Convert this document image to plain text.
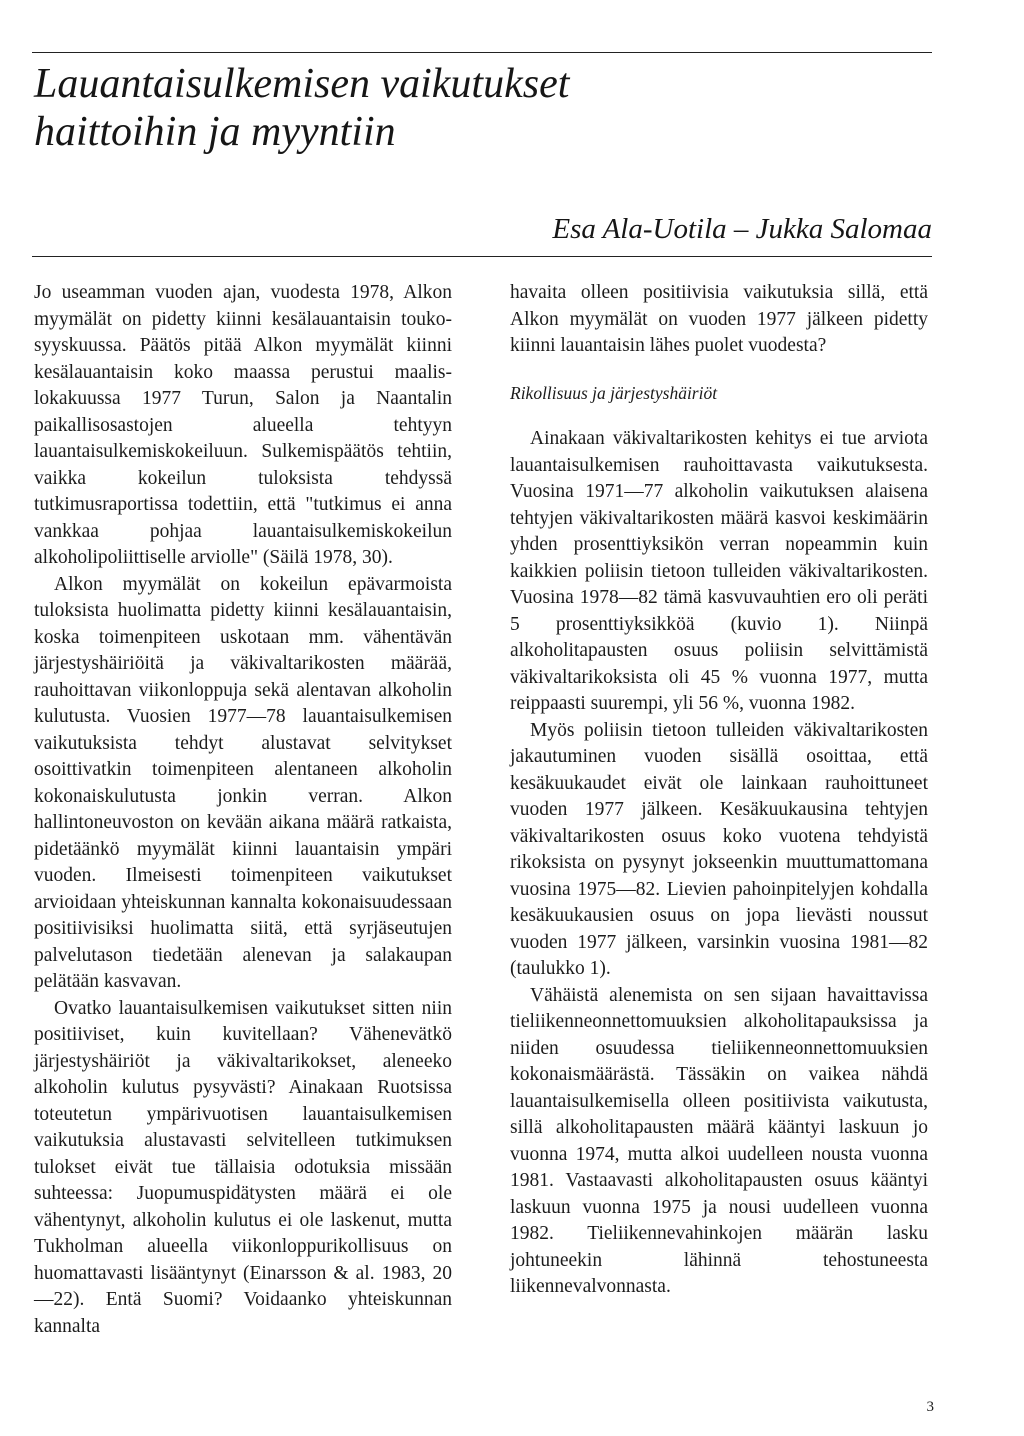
Lauantaisulkemisen vaikutukset
haittoihin ja myyntiin
Esa Ala-Uotila – Jukka Salomaa

Jo useamman vuoden ajan, vuodesta 1978, Alkon myymälät on pidetty kiinni kesälauantaisin touko-syyskuussa. Päätös pitää Alkon myymälät kiinni kesälauantaisin koko maassa perustui maalis-lokakuussa 1977 Turun, Salon ja Naantalin paikallisosastojen alueella tehtyyn lauantaisulkemiskokeiluun. Sulkemispäätös tehtiin, vaikka kokeilun tuloksista tehdyssä tutkimusraportissa todettiin, että "tutkimus ei anna vankkaa pohjaa lauantaisulkemiskokeilun alkoholipoliittiselle arviolle" (Säilä 1978, 30).

Alkon myymälät on kokeilun epävarmoista tuloksista huolimatta pidetty kiinni kesälauantaisin, koska toimenpiteen uskotaan mm. vähentävän järjestyshäiriöitä ja väkivaltarikosten määrää, rauhoittavan viikonloppuja sekä alentavan alkoholin kulutusta. Vuosien 1977—78 lauantaisulkemisen vaikutuksista tehdyt alustavat selvitykset osoittivatkin toimenpiteen alentaneen alkoholin kokonaiskulutusta jonkin verran. Alkon hallintoneuvoston on kevään aikana määrä ratkaista, pidetäänkö myymälät kiinni lauantaisin ympäri vuoden. Ilmeisesti toimenpiteen vaikutukset arvioidaan yhteiskunnan kannalta kokonaisuudessaan positiivisiksi huolimatta siitä, että syrjäseutujen palvelutason tiedetään alenevan ja salakaupan pelätään kasvavan.

Ovatko lauantaisulkemisen vaikutukset sitten niin positiiviset, kuin kuvitellaan? Vähenevätkö järjestyshäiriöt ja väkivaltarikokset, aleneeko alkoholin kulutus pysyvästi? Ainakaan Ruotsissa toteutetun ympärivuotisen lauantaisulkemisen vaikutuksia alustavasti selvitelleen tutkimuksen tulokset eivät tue tällaisia odotuksia missään suhteessa: Juopumuspidätysten määrä ei ole vähentynyt, alkoholin kulutus ei ole laskenut, mutta Tukholman alueella viikonloppurikollisuus on huomattavasti lisääntynyt (Einarsson & al. 1983, 20—22). Entä Suomi? Voidaanko yhteiskunnan kannalta

havaita olleen positiivisia vaikutuksia sillä, että Alkon myymälät on vuoden 1977 jälkeen pidetty kiinni lauantaisin lähes puolet vuodesta?

Rikollisuus ja järjestyshäiriöt

Ainakaan väkivaltarikosten kehitys ei tue arviota lauantaisulkemisen rauhoittavasta vaikutuksesta. Vuosina 1971—77 alkoholin vaikutuksen alaisena tehtyjen väkivaltarikosten määrä kasvoi keskimäärin yhden prosenttiyksikön verran nopeammin kuin kaikkien poliisin tietoon tulleiden väkivaltarikosten. Vuosina 1978—82 tämä kasvuvauhtien ero oli peräti 5 prosenttiyksikköä (kuvio 1). Niinpä alkoholitapausten osuus poliisin selvittämistä väkivaltarikoksista oli 45 % vuonna 1977, mutta reippaasti suurempi, yli 56 %, vuonna 1982.

Myös poliisin tietoon tulleiden väkivaltarikosten jakautuminen vuoden sisällä osoittaa, että kesäkuukaudet eivät ole lainkaan rauhoittuneet vuoden 1977 jälkeen. Kesäkuukausina tehtyjen väkivaltarikosten osuus koko vuotena tehdyistä rikoksista on pysynyt jokseenkin muuttumattomana vuosina 1975—82. Lievien pahoinpitelyjen kohdalla kesäkuukausien osuus on jopa lievästi noussut vuoden 1977 jälkeen, varsinkin vuosina 1981—82 (taulukko 1).

Vähäistä alenemista on sen sijaan havaittavissa tieliikenneonnettomuuksien alkoholitapauksissa ja niiden osuudessa tieliikenneonnettomuuksien kokonaismäärästä. Tässäkin on vaikea nähdä lauantaisulkemisella olleen positiivista vaikutusta, sillä alkoholitapausten määrä kääntyi laskuun jo vuonna 1974, mutta alkoi uudelleen nousta vuonna 1981. Vastaavasti alkoholitapausten osuus kääntyi laskuun vuonna 1975 ja nousi uudelleen vuonna 1982. Tieliikennevahinkojen määrän lasku johtuneekin lähinnä tehostuneesta liikennevalvonnasta.

3
